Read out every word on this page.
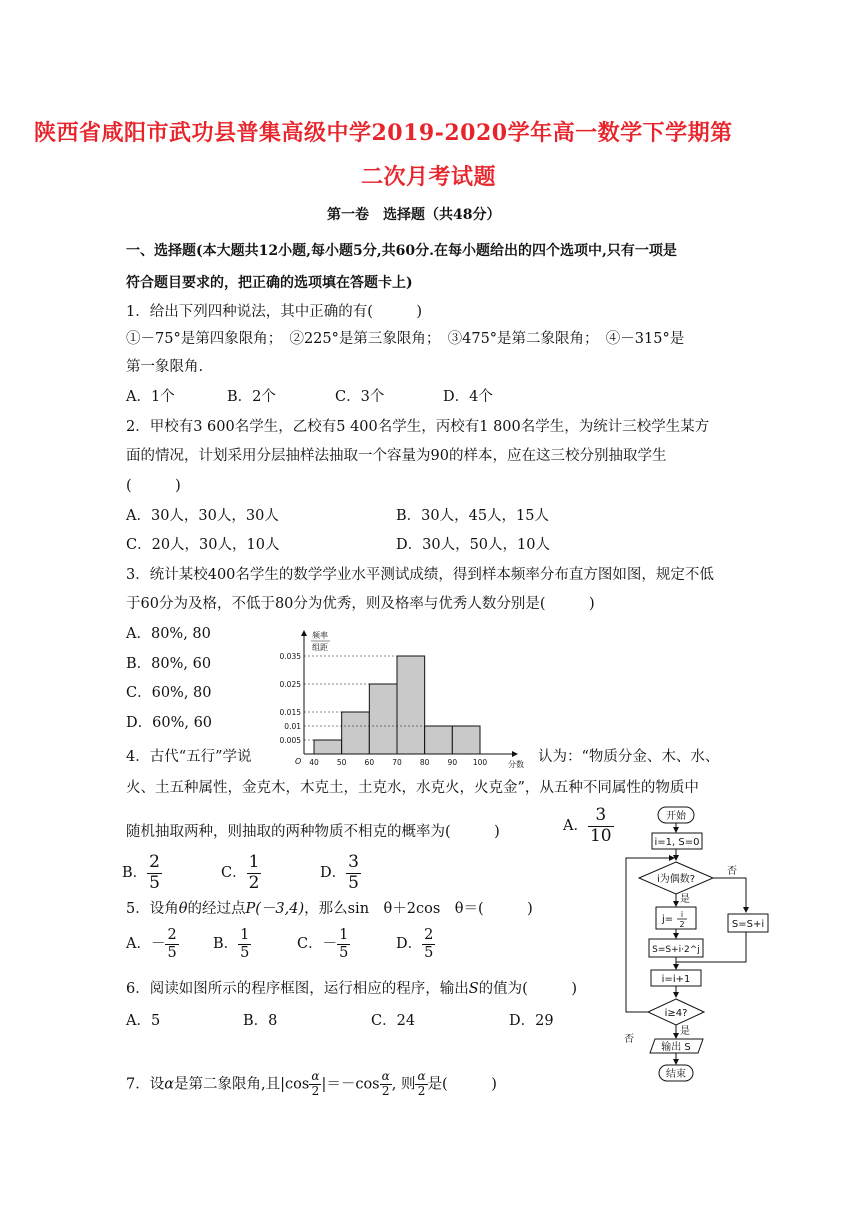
陕西省咸阳市武功县普集高级中学2019-2020学年高一数学下学期第
二次月考试题
第一卷　选择题（共48分）
一、选择题(本大题共12小题,每小题5分,共60分.在每小题给出的四个选项中,只有一项是
符合题目要求的，把正确的选项填在答题卡上)
1．给出下列四种说法，其中正确的有(　　　)
①－75°是第四象限角；　②225°是第三象限角；　③475°是第二象限角；　④－315°是
第一象限角.
A．1个	B．2个	C．3个	D．4个
2．甲校有3 600名学生，乙校有5 400名学生，丙校有1 800名学生，为统计三校学生某方
面的情况，计划采用分层抽样法抽取一个容量为90的样本，应在这三校分别抽取学生
(　　　)
A．30人，30人，30人	B．30人，45人，15人
C．20人，30人，10人	D．30人，50人，10人
3．统计某校400名学生的数学学业水平测试成绩，得到样本频率分布直方图如图，规定不低
于60分为及格，不低于80分为优秀，则及格率与优秀人数分别是(　　　)
A．80%, 80
B．80%, 60
C．60%, 80
D．60%, 60
0.035
0.025
0.015
0.01
0.005
40 50 60 70 80 90 100
O	分数
频率
组距
4．古代“五行”学说	认为：“物质分金、木、水、
火、土五种属性，金克木，木克土，土克水，水克火，火克金”，从五种不同属性的物质中
随机抽取两种，则抽取的两种物质不相克的概率为(　　　)	A． $\frac{3}{10}$
B． $\frac{2}{5}$	C． $\frac{1}{2}$	D． $\frac{3}{5}$
5．设角θ的经过点P(－3,4)，那么sin　θ＋2cos　θ＝(　　　)
A．－ $\frac{2}{5}$ B． $\frac{1}{5}$	C．－ $\frac{1}{5}$	D． $\frac{2}{5}$
6．阅读如图所示的程序框图，运行相应的程序，输出S的值为(　　　)
A．5	B．8	C．24	D．29
7．设α是第二象限角,且$|\cos \frac{\alpha}{2} |=-\cos \frac{\alpha}{2}$ , 则 $\frac{\alpha}{2}$ 是(　　　)
开始
i=1, S=0
i为偶数?
否
是
j= i
2
S=S+i·2^j
S=S+i
i=i+1
i≥4?
否
是
输出 S
结束
